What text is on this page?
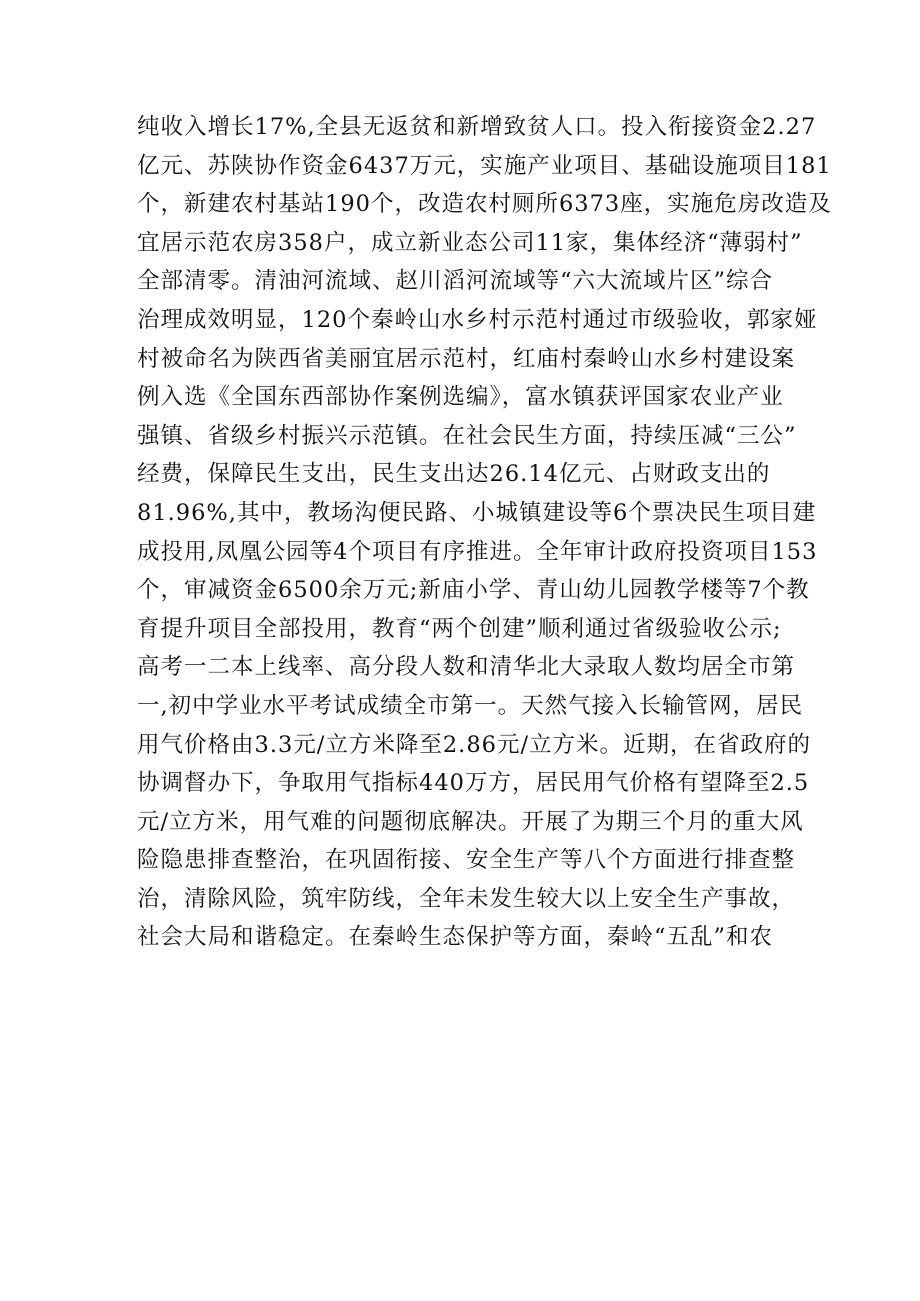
纯收入增长17%,全县无返贫和新增致贫人口。投入衔接资金2.27
亿元、苏陕协作资金6437万元，实施产业项目、基础设施项目181
个，新建农村基站190个，改造农村厕所6373座，实施危房改造及
宜居示范农房358户，成立新业态公司11家，集体经济“薄弱村”
全部清零。清油河流域、赵川滔河流域等“六大流域片区”综合
治理成效明显，120个秦岭山水乡村示范村通过市级验收，郭家娅
村被命名为陕西省美丽宜居示范村，红庙村秦岭山水乡村建设案
例入选《全国东西部协作案例选编》，富水镇获评国家农业产业
强镇、省级乡村振兴示范镇。在社会民生方面，持续压减“三公”
经费，保障民生支出，民生支出达26.14亿元、占财政支出的
81.96%,其中，教场沟便民路、小城镇建设等6个票决民生项目建
成投用,凤凰公园等4个项目有序推进。全年审计政府投资项目153
个，审减资金6500余万元;新庙小学、青山幼儿园教学楼等7个教
育提升项目全部投用，教育“两个创建”顺利通过省级验收公示;
高考一二本上线率、高分段人数和清华北大录取人数均居全市第
一,初中学业水平考试成绩全市第一。天然气接入长输管网，居民
用气价格由3.3元/立方米降至2.86元/立方米。近期，在省政府的
协调督办下，争取用气指标440万方，居民用气价格有望降至2.5
元/立方米，用气难的问题彻底解决。开展了为期三个月的重大风
险隐患排查整治，在巩固衔接、安全生产等八个方面进行排查整
治，清除风险，筑牢防线，全年未发生较大以上安全生产事故，
社会大局和谐稳定。在秦岭生态保护等方面，秦岭“五乱”和农
